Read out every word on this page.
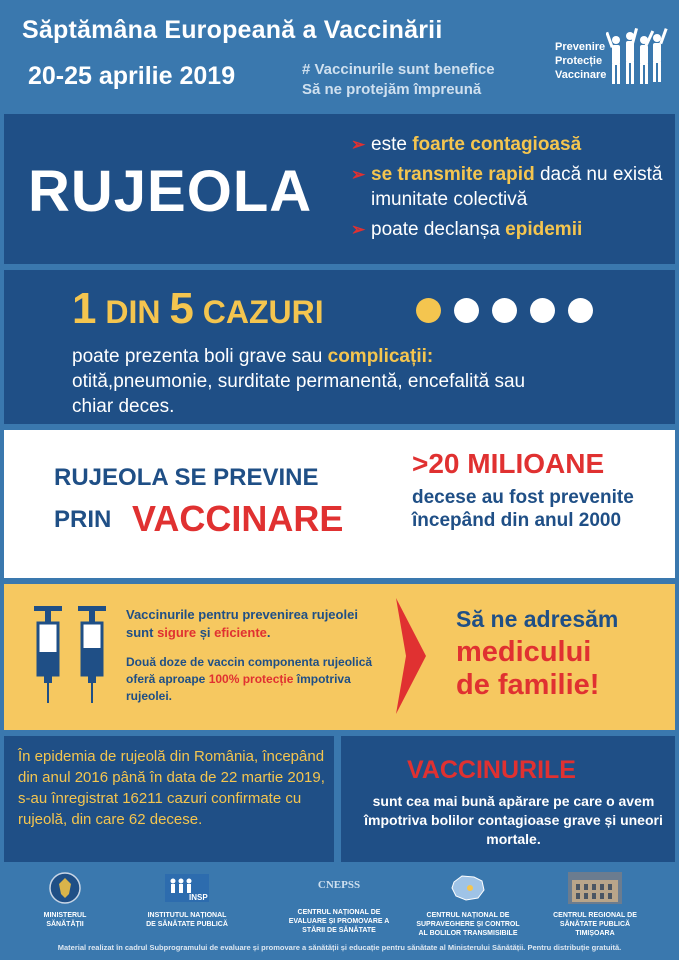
Săptămâna Europeană a Vaccinării
20-25 aprilie 2019	# Vaccinurile sunt benefice
Să ne protejăm împreună
Prevenire
Protecție
Vaccinare
RUJEOLA
➢ este foarte contagioasă
➢ se transmite rapid dacă nu există imunitate colectivă
➢ poate declanșa epidemii
1 DIN 5 CAZURI
poate prezenta boli grave sau complicații:
otită,pneumonie, surditate permanentă, encefalită sau chiar deces.
RUJEOLA SE PREVINE
PRIN VACCINARE
>20 MILIOANE
decese au fost prevenite începând din anul 2000
Vaccinurile pentru prevenirea rujeolei sunt sigure și eficiente.
Două doze de vaccin componenta rujeolică oferă aproape 100% protecție împotriva rujeolei.
Să ne adresăm
medicului
de familie!
În epidemia de rujeolă din România, începând din anul 2016 până în data de 22 martie 2019, s-au înregistrat 16211 cazuri confirmate cu rujeolă, din care 62 decese.
VACCINURILE
sunt cea mai bună apărare pe care o avem împotriva bolilor contagioase grave și uneori mortale.
MINISTERUL
SĂNĂTĂȚII
INSP
INSTITUTUL NAȚIONAL
DE SĂNĂTATE PUBLICĂ
CNEPSS
CENTRUL NAȚIONAL DE
EVALUARE ȘI PROMOVARE A
STĂRII DE SĂNĂTATE
CENTRUL NAȚIONAL DE
SUPRAVEGHERE ȘI CONTROL
AL BOLILOR TRANSMISIBILE
CENTRUL REGIONAL DE
SĂNĂTATE PUBLICĂ
TIMIȘOARA
Material realizat în cadrul Subprogramului de evaluare și promovare a sănătății și educație pentru sănătate al Ministerului Sănătății. Pentru distribuție gratuită.
